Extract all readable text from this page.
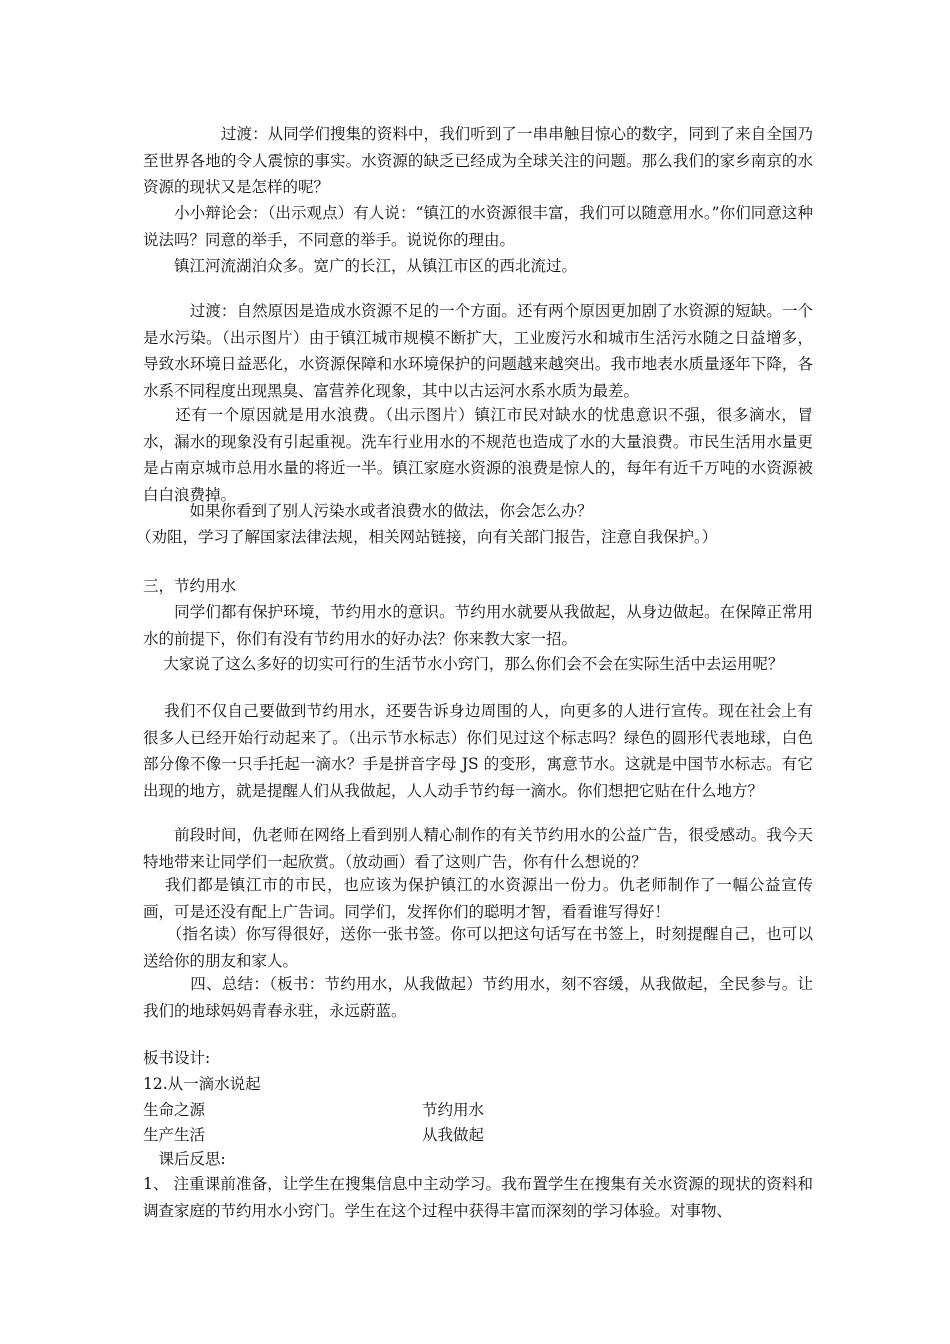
　　　　　过渡：从同学们搜集的资料中，我们听到了一串串触目惊心的数字，同到了来自全国乃至世界各地的令人震惊的事实。水资源的缺乏已经成为全球关注的问题。那么我们的家乡南京的水资源的现状又是怎样的呢？

　　小小辩论会：（出示观点）有人说：“镇江的水资源很丰富，我们可以随意用水。”你们同意这种说法吗？同意的举手，不同意的举手。说说你的理由。

　　镇江河流湖泊众多。宽广的长江，从镇江市区的西北流过。

　　　过渡：自然原因是造成水资源不足的一个方面。还有两个原因更加剧了水资源的短缺。一个是水污染。（出示图片）由于镇江城市规模不断扩大，工业废污水和城市生活污水随之日益增多，导致水环境日益恶化，水资源保障和水环境保护的问题越来越突出。我市地表水质量逐年下降，各水系不同程度出现黑臭、富营养化现象，其中以古运河水系水质为最差。

　　还有一个原因就是用水浪费。（出示图片）镇江市民对缺水的忧患意识不强，很多滴水，冒水，漏水的现象没有引起重视。洗车行业用水的不规范也造成了水的大量浪费。市民生活用水量更是占南京城市总用水量的将近一半。镇江家庭水资源的浪费是惊人的，每年有近千万吨的水资源被白白浪费掉。

　　　如果你看到了别人污染水或者浪费水的做法，你会怎么办？

（劝阻，学习了解国家法律法规，相关网站链接，向有关部门报告，注意自我保护。）

三，节约用水

　　同学们都有保护环境，节约用水的意识。节约用水就要从我做起，从身边做起。在保障正常用水的前提下，你们有没有节约用水的好办法？你来教大家一招。

　 大家说了这么多好的切实可行的生活节水小窍门，那么你们会不会在实际生活中去运用呢？

　 我们不仅自己要做到节约用水，还要告诉身边周围的人，向更多的人进行宣传。现在社会上有很多人已经开始行动起来了。（出示节水标志）你们见过这个标志吗？绿色的圆形代表地球，白色部分像不像一只手托起一滴水？手是拼音字母 JS 的变形，寓意节水。这就是中国节水标志。有它出现的地方，就是提醒人们从我做起，人人动手节约每一滴水。你们想把它贴在什么地方？

　　前段时间，仇老师在网络上看到别人精心制作的有关节约用水的公益广告，很受感动。我今天特地带来让同学们一起欣赏。（放动画）看了这则广告，你有什么想说的？

　 我们都是镇江市的市民，也应该为保护镇江的水资源出一份力。仇老师制作了一幅公益宣传画，可是还没有配上广告词。同学们，发挥你们的聪明才智，看看谁写得好！

　　（指名读）你写得很好，送你一张书签。你可以把这句话写在书签上，时刻提醒自己，也可以送给你的朋友和家人。

　　　四、总结：（板书：节约用水，从我做起）节约用水，刻不容缓，从我做起，全民参与。让我们的地球妈妈青春永驻，永远蔚蓝。

板书设计:

12.从一滴水说起

生命之源	节约用水

生产生活	从我做起

　课后反思:

1、 注重课前准备，让学生在搜集信息中主动学习。我布置学生在搜集有关水资源的现状的资料和调查家庭的节约用水小窍门。学生在这个过程中获得丰富而深刻的学习体验。对事物、
